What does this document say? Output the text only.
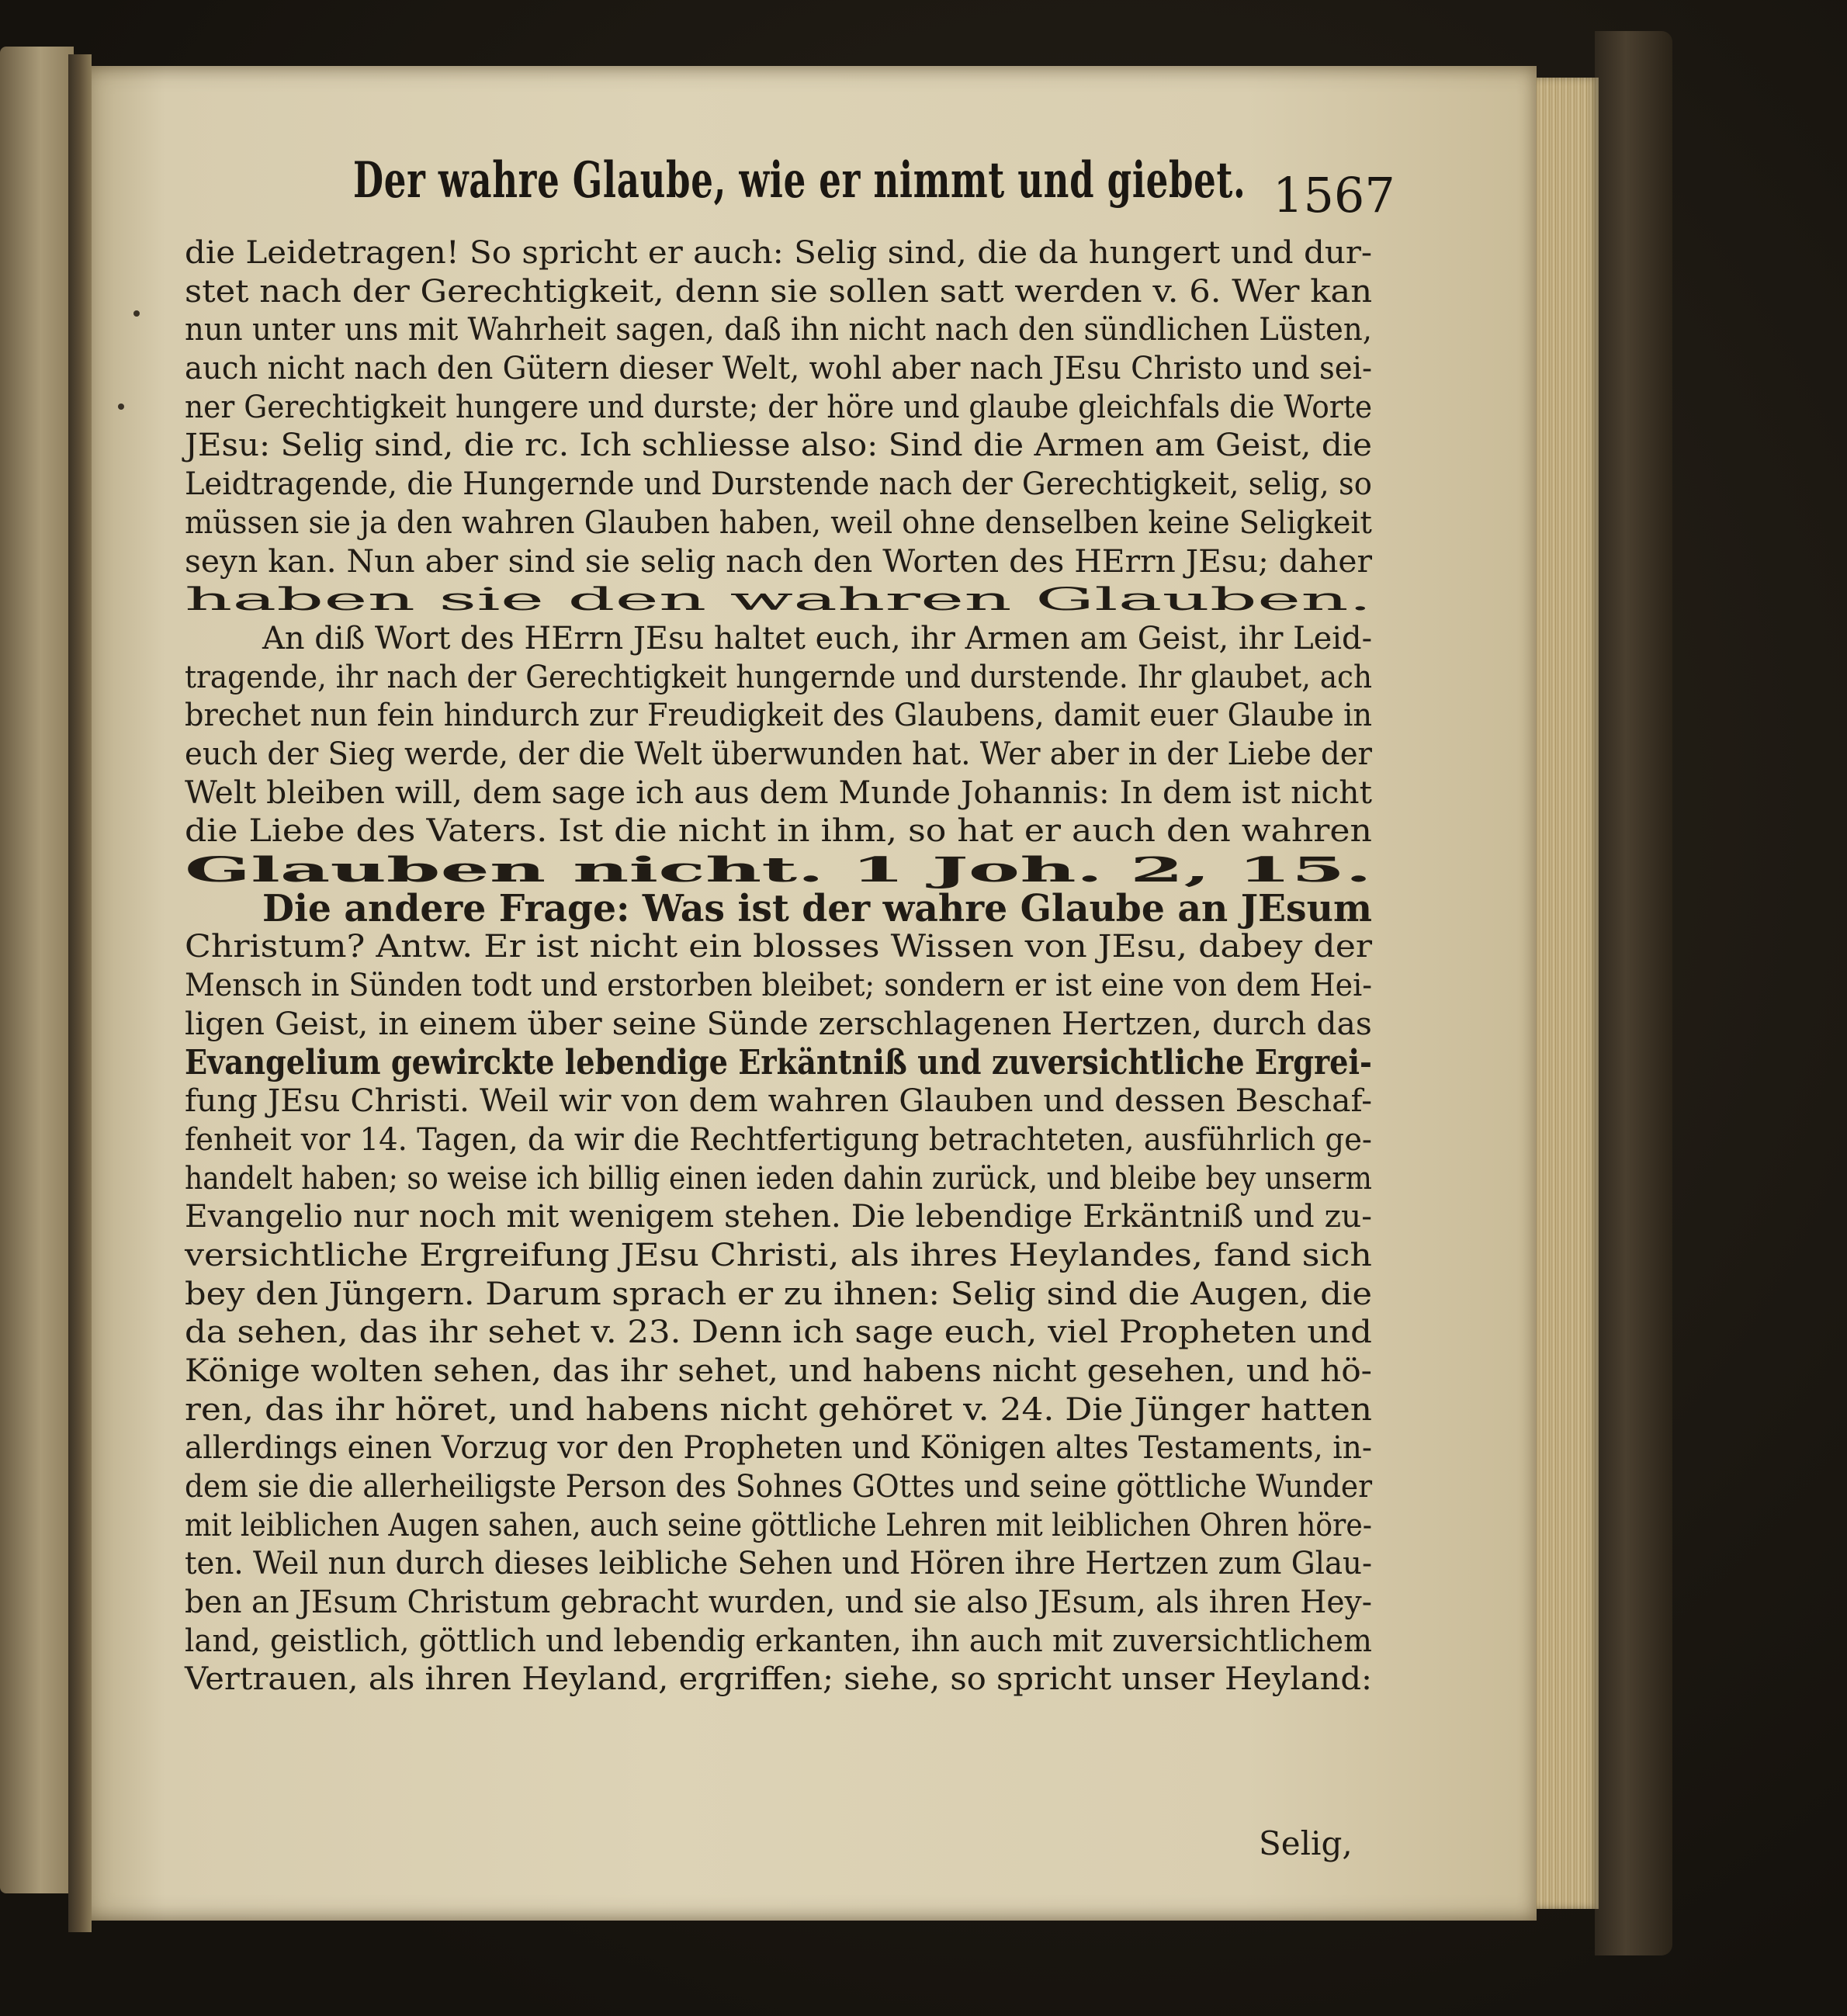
Der wahre Glaube, wie er nimmt und giebet. 1567
die Leidetragen! So spricht er auch: Selig sind, die da hungert und dur-
stet nach der Gerechtigkeit, denn sie sollen satt werden v. 6. Wer kan
nun unter uns mit Wahrheit sagen, daß ihn nicht nach den sündlichen Lüsten,
auch nicht nach den Gütern dieser Welt, wohl aber nach JEsu Christo und sei-
ner Gerechtigkeit hungere und durste; der höre und glaube gleichfals die Worte
JEsu: Selig sind, die rc. Ich schliesse also: Sind die Armen am Geist, die
Leidtragende, die Hungernde und Durstende nach der Gerechtigkeit, selig, so
müssen sie ja den wahren Glauben haben, weil ohne denselben keine Seligkeit
seyn kan. Nun aber sind sie selig nach den Worten des HErrn JEsu; daher
haben sie den wahren Glauben.
An diß Wort des HErrn JEsu haltet euch, ihr Armen am Geist, ihr Leid-
tragende, ihr nach der Gerechtigkeit hungernde und durstende. Ihr glaubet, ach
brechet nun fein hindurch zur Freudigkeit des Glaubens, damit euer Glaube in
euch der Sieg werde, der die Welt überwunden hat. Wer aber in der Liebe der
Welt bleiben will, dem sage ich aus dem Munde Johannis: In dem ist nicht
die Liebe des Vaters. Ist die nicht in ihm, so hat er auch den wahren
Glauben nicht. 1 Joh. 2, 15.
Die andere Frage: Was ist der wahre Glaube an JEsum
Christum? Antw. Er ist nicht ein blosses Wissen von JEsu, dabey der
Mensch in Sünden todt und erstorben bleibet; sondern er ist eine von dem Hei-
ligen Geist, in einem über seine Sünde zerschlagenen Hertzen, durch das
Evangelium gewirckte lebendige Erkäntniß und zuversichtliche Ergrei-
fung JEsu Christi. Weil wir von dem wahren Glauben und dessen Beschaf-
fenheit vor 14. Tagen, da wir die Rechtfertigung betrachteten, ausführlich ge-
handelt haben; so weise ich billig einen ieden dahin zurück, und bleibe bey unserm
Evangelio nur noch mit wenigem stehen. Die lebendige Erkäntniß und zu-
versichtliche Ergreifung JEsu Christi, als ihres Heylandes, fand sich
bey den Jüngern. Darum sprach er zu ihnen: Selig sind die Augen, die
da sehen, das ihr sehet v. 23. Denn ich sage euch, viel Propheten und
Könige wolten sehen, das ihr sehet, und habens nicht gesehen, und hö-
ren, das ihr höret, und habens nicht gehöret v. 24. Die Jünger hatten
allerdings einen Vorzug vor den Propheten und Königen altes Testaments, in-
dem sie die allerheiligste Person des Sohnes GOttes und seine göttliche Wunder
mit leiblichen Augen sahen, auch seine göttliche Lehren mit leiblichen Ohren höre-
ten. Weil nun durch dieses leibliche Sehen und Hören ihre Hertzen zum Glau-
ben an JEsum Christum gebracht wurden, und sie also JEsum, als ihren Hey-
land, geistlich, göttlich und lebendig erkanten, ihn auch mit zuversichtlichem
Vertrauen, als ihren Heyland, ergriffen; siehe, so spricht unser Heyland:
Selig,
